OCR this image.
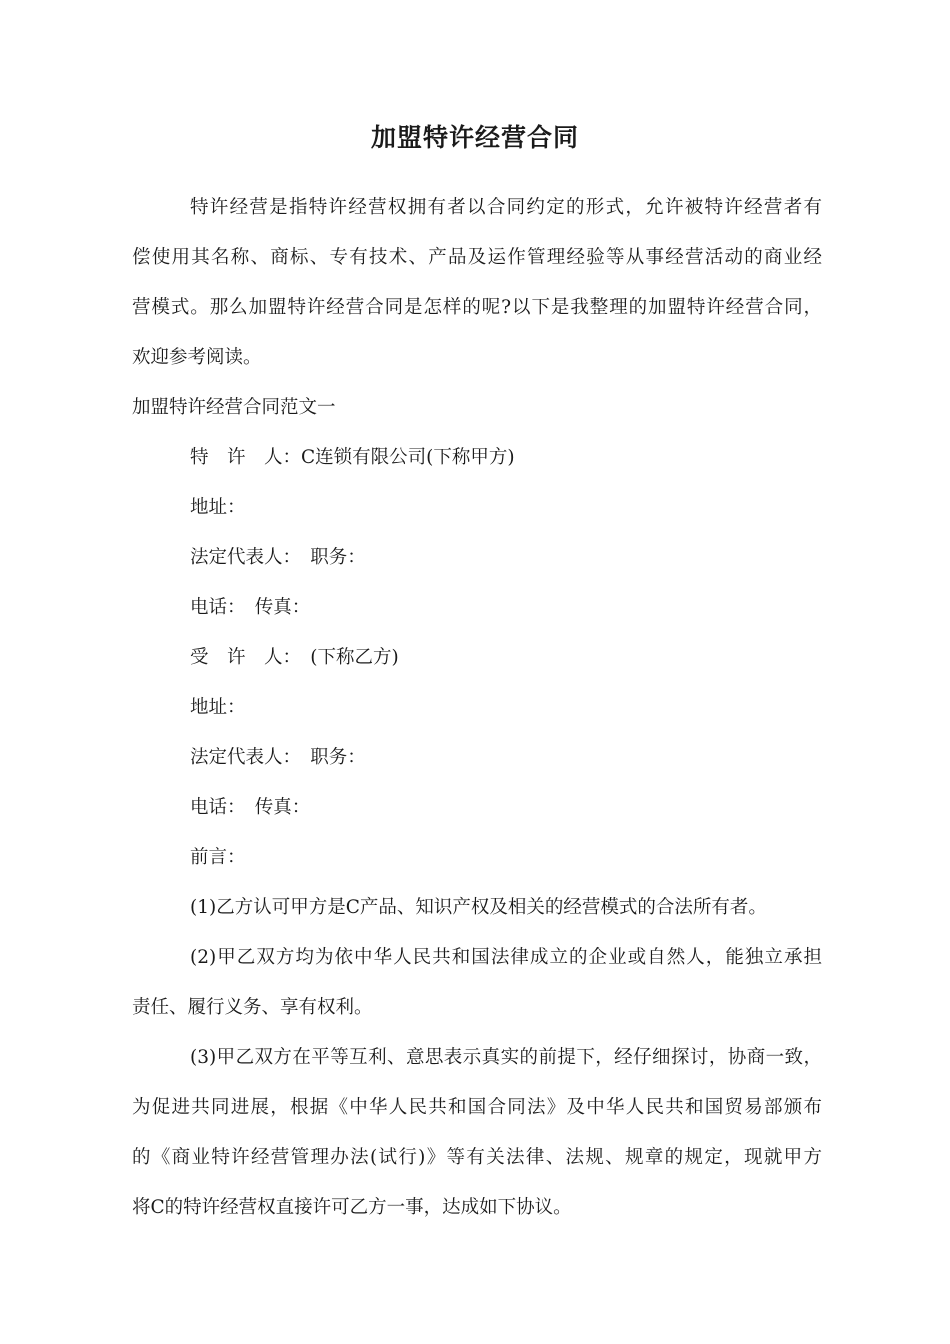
加盟特许经营合同
特许经营是指特许经营权拥有者以合同约定的形式，允许被特许经营者有
偿使用其名称、商标、专有技术、产品及运作管理经验等从事经营活动的商业经
营模式。那么加盟特许经营合同是怎样的呢?以下是我整理的加盟特许经营合同，
欢迎参考阅读。
加盟特许经营合同范文一
特　许　人：C连锁有限公司(下称甲方)
地址：
法定代表人：　职务：
电话：　传真：
受　许　人：　(下称乙方)
地址：
法定代表人：　职务：
电话：　传真：
前言：
(1)乙方认可甲方是C产品、知识产权及相关的经营模式的合法所有者。
(2)甲乙双方均为依中华人民共和国法律成立的企业或自然人，能独立承担
责任、履行义务、享有权利。
(3)甲乙双方在平等互利、意思表示真实的前提下，经仔细探讨，协商一致，
为促进共同进展，根据《中华人民共和国合同法》及中华人民共和国贸易部颁布
的《商业特许经营管理办法(试行)》等有关法律、法规、规章的规定，现就甲方
将C的特许经营权直接许可乙方一事，达成如下协议。
